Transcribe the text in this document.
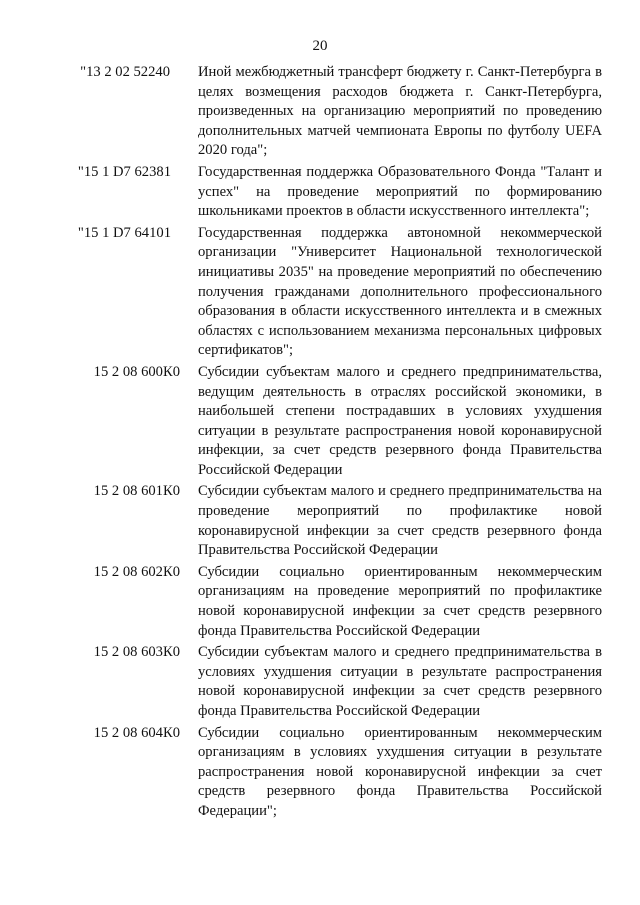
20
"13 2 02 52240 Иной межбюджетный трансферт бюджету г. Санкт-Петербурга в целях возмещения расходов бюджета г. Санкт-Петербурга, произведенных на организацию мероприятий по проведению дополнительных матчей чемпионата Европы по футболу UEFA 2020 года";
"15 1 D7 62381 Государственная поддержка Образовательного Фонда "Талант и успех" на проведение мероприятий по формированию школьниками проектов в области искусственного интеллекта";
"15 1 D7 64101 Государственная поддержка автономной некоммерческой организации "Университет Национальной технологической инициативы 2035" на проведение мероприятий по обеспечению получения гражданами дополнительного профессионального образования в области искусственного интеллекта и в смежных областях с использованием механизма персональных цифровых сертификатов";
15 2 08 600К0 Субсидии субъектам малого и среднего предпринимательства, ведущим деятельность в отраслях российской экономики, в наибольшей степени пострадавших в условиях ухудшения ситуации в результате распространения новой коронавирусной инфекции, за счет средств резервного фонда Правительства Российской Федерации
15 2 08 601К0 Субсидии субъектам малого и среднего предпринимательства на проведение мероприятий по профилактике новой коронавирусной инфекции за счет средств резервного фонда Правительства Российской Федерации
15 2 08 602К0 Субсидии социально ориентированным некоммерческим организациям на проведение мероприятий по профилактике новой коронавирусной инфекции за счет средств резервного фонда Правительства Российской Федерации
15 2 08 603К0 Субсидии субъектам малого и среднего предпринимательства в условиях ухудшения ситуации в результате распространения новой коронавирусной инфекции за счет средств резервного фонда Правительства Российской Федерации
15 2 08 604К0 Субсидии социально ориентированным некоммерческим организациям в условиях ухудшения ситуации в результате распространения новой коронавирусной инфекции за счет средств резервного фонда Правительства Российской Федерации";
